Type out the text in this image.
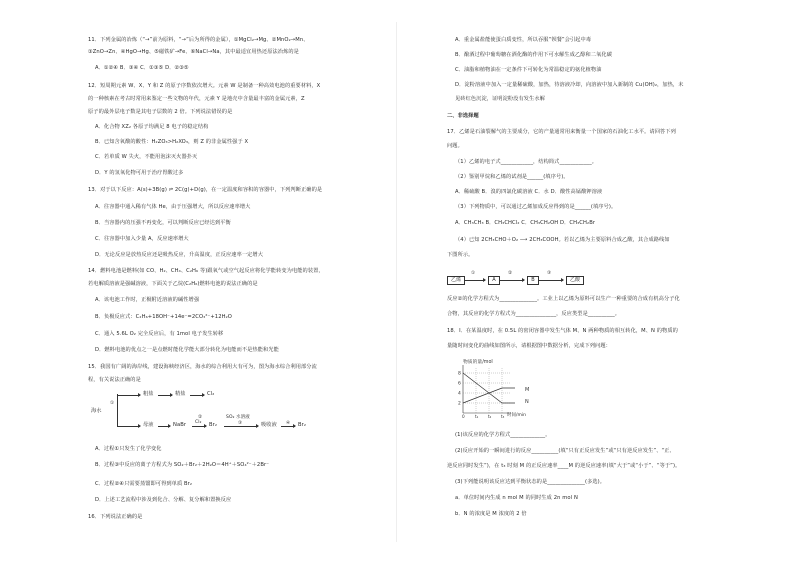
11．下列金属的冶炼（“→”前为原料，“→”后为所得的金属），①MgCl₂→Mg、②MnO₂→Mn、
③ZnO→Zn、④HgO→Hg、⑤磁铁矿→Fe、⑥NaCl→Na，其中最适宜用热还原法冶炼的是
A．①②④ B．③④ C．①③⑤ D．②③⑤
12．短周期元素 W、X、Y 和 Z 的原子序数依次增大。元素 W 是制备一种高效电池的重要材料，X
的一种核素在考古时常用来鉴定一些文物的年代，元素 Y 是地壳中含量最丰富的金属元素，Z
原子的最外层电子数是其电子层数的 2 倍。下列说法错误的是
A．化合物 XZ₂ 各原子均满足 8 电子的稳定结构
B．已知含氧酸的酸性：H₂ZO₃>H₂XO₃，则 Z 的非金属性强于 X
C．若单质 W 失火，不能用泡沫灭火器扑灭
D．Y 的氢氧化物可用于治疗胃酸过多
13．对于以下反应：A(s)+3B(g) ⇌ 2C(g)+D(g)，在一定温度和容积的容器中，下列判断正确的是
A．往容器中通入稀有气体 He，由于压强增大，所以反应速率增大
B．当容器内的压强不再变化，可以判断反应已经达到平衡
C．往容器中加入少量 A，反应速率增大
D．无论反应是放热反应还是吸热反应，升高温度，正反应速率一定增大
14．燃料电池是燃料(如 CO、H₂、CH₄、C₂H₆ 等)跟氧气或空气起反应将化学能转变为电能的装置，
若电解质溶液是强碱溶液，下面关于乙烷(C₂H₆)燃料电池的说法正确的是
A．该电池工作时，正极附近溶液的碱性增强
B．负极反应式：C₂H₆+18OH⁻+14e⁻=2CO₃²⁻+12H₂O
C．通入 5.6L O₂ 完全反应后，有 1mol 电子发生转移
D．燃料电池的优点之一是点燃时能化学能大部分转化为电能而不是热能和光能
15．我国有广阔的海岸线，建设海峡经济区，海水的综合利用大有可为，图为海水综合利用部分流
程，有关说法正确的是
海水
①
粗盐	精盐	Cl₂
母液	NaBr
②
Cl₂ Br₂
SO₂ 水溶液
③	吸收液 ④ Br₂
A．过程①只发生了化学变化
B．过程③中反应的离子方程式为 SO₂＋Br₂＋2H₂O＝4H⁺＋SO₄²⁻＋2Br⁻
C．过程②④只需要蒸馏即可得到单质 Br₂
D．上述工艺流程中涉及到化合、分解、复分解和置换反应
16．下列说法正确的是
A．重金属盐能使蛋白质变性，所以吞服“钡餐”会引起中毒
B．酿酒过程中葡萄糖在酒化酶的作用下可水解生成乙醇和二氧化碳
C．油脂和植物油在一定条件下可转化为常温稳定的氨化植物油
D．淀粉溶液中加入一定量稀硫酸，加热，待溶液冷却，向溶液中加入新制的 Cu(OH)₂，加热，未
见砖红色沉淀，证明淀粉没有发生水解
二、非选择题
17．乙烯是石油裂解气的主要成分，它的产量通常用来衡量一个国家的石油化工水平。请回答下列
问题。
（1）乙烯的电子式____________，结构简式____________。
（2）鉴别甲烷和乙烯的试剂是______(填序号)。
A．稀硫酸 B．溴的四氯化碳溶液 C．水 D．酸性高锰酸钾溶液
（3）下列物质中，可以通过乙烯加成反应得到的是______(填序号)。
A．CH₃CH₃ B．CH₃CHCl₂ C．CH₃CH₂OH D．CH₃CH₂Br
（4）已知 2CH₃CHO＋O₂ ⟶ 2CH₃COOH。若以乙烯为主要原料合成乙酸，其合成路线如
下图所示。
乙烯
①
A
②
B
③
乙酸
反应②的化学方程式为______________。工业上以乙烯为原料可以生产一种重要的合成有机高分子化
合物，其反应的化学方程式为_______________，反应类型是__________。
18．Ⅰ．在某温度时，在 0.5L 的密闭容器中发生气体 M、N 两种物质的相互转化，M、N 的物质的
量随时间变化的曲线如图所示，请根据图中数据分析，完成下列问题：
物质的量/mol
时间/min
8
6
4
2
0 t₁ t₂ t₃
M
N
(1)该反应的化学方程式_____________。
(2)反应开始的一瞬间进行的反应__________(填“只有正反应发生”或“只有逆反应发生”、“正、
逆反应同时发生”)，在 t₃ 时刻 M 的正反应速率____M 的逆反应速率(填“大于”或“小于”、“等于”)。
(3)下列能说明该反应达到平衡状态的是______________(多选)。
a．单位时间内生成 n mol M 的同时生成 2n mol N
b．N 的浓度是 M 浓度的 2 倍
